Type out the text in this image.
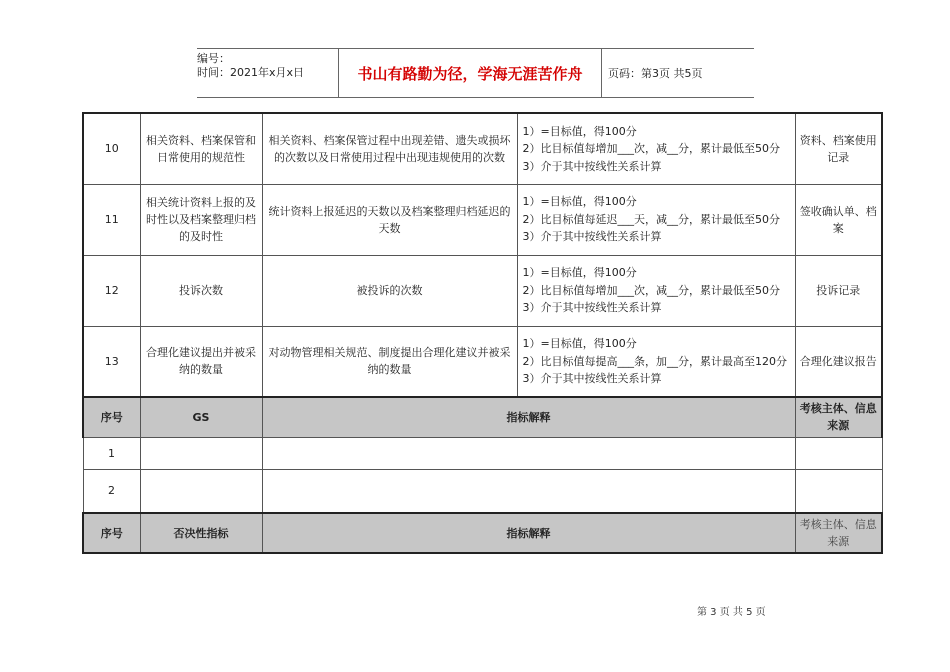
编号：
时间：2021年x月x日	书山有路勤为径，学海无涯苦作舟	页码：第3页 共5页
10	相关资料、档案保管和日常使用的规范性	相关资料、档案保管过程中出现差错、遗失或损坏的次数以及日常使用过程中出现违规使用的次数	1）=目标值，得100分
2）比目标值每增加___次，减__分，累计最低至50分
3）介于其中按线性关系计算	资料、档案使用记录
11	相关统计资料上报的及时性以及档案整理归档的及时性	统计资料上报延迟的天数以及档案整理归档延迟的天数	1）=目标值，得100分
2）比目标值每延迟___天，减__分，累计最低至50分
3）介于其中按线性关系计算	签收确认单、档案
12	投诉次数	被投诉的次数	1）=目标值，得100分
2）比目标值每增加___次，减__分，累计最低至50分
3）介于其中按线性关系计算	投诉记录
13	合理化建议提出并被采纳的数量	对动物管理相关规范、制度提出合理化建议并被采纳的数量	1）=目标值，得100分
2）比目标值每提高___条，加__分，累计最高至120分
3）介于其中按线性关系计算	合理化建议报告
序号	GS	指标解释		考核主体、信息来源
1				
2				
序号	否决性指标	指标解释		考核主体、信息来源
第 3 页 共 5 页
